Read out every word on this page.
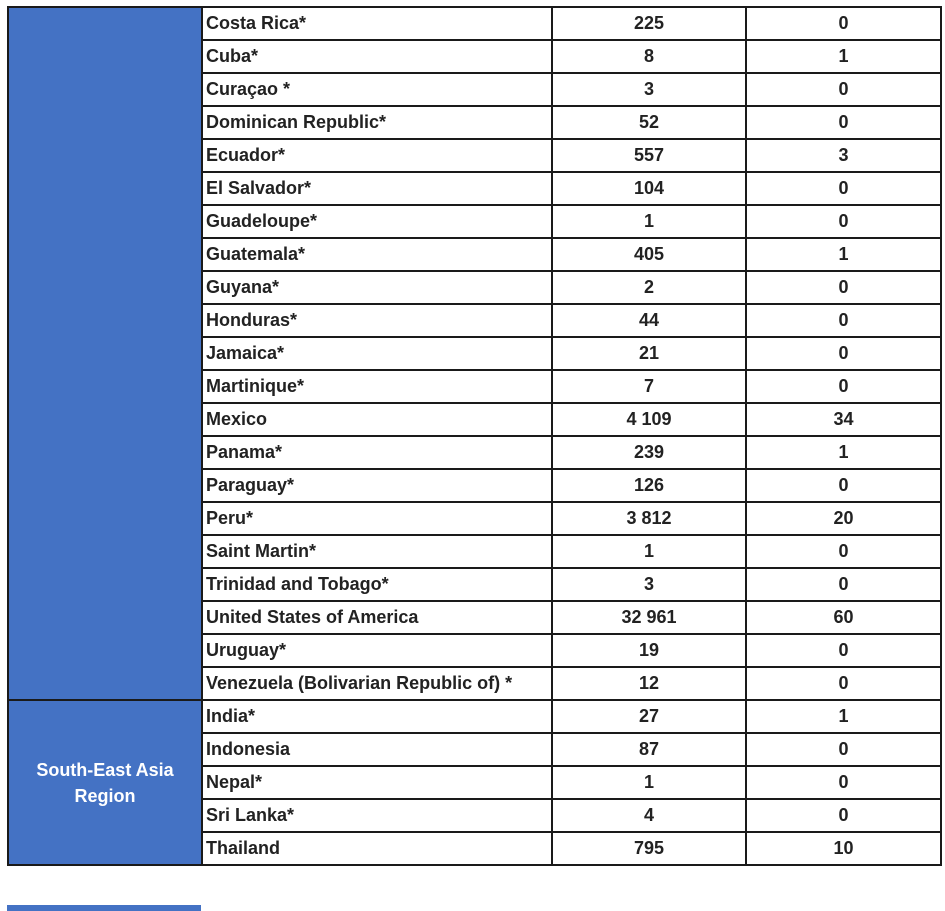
	Costa Rica*	225	0
	Cuba*	8	1
	Curaçao *	3	0
	Dominican Republic*	52	0
	Ecuador*	557	3
	El Salvador*	104	0
	Guadeloupe*	1	0
	Guatemala*	405	1
	Guyana*	2	0
	Honduras*	44	0
	Jamaica*	21	0
	Martinique*	7	0
	Mexico	4 109	34
	Panama*	239	1
	Paraguay*	126	0
	Peru*	3 812	20
	Saint Martin*	1	0
	Trinidad and Tobago*	3	0
	United States of America	32 961	60
	Uruguay*	19	0
	Venezuela (Bolivarian Republic of) *	12	0
South-East Asia Region	India*	27	1
	Indonesia	87	0
	Nepal*	1	0
	Sri Lanka*	4	0
	Thailand	795	10
